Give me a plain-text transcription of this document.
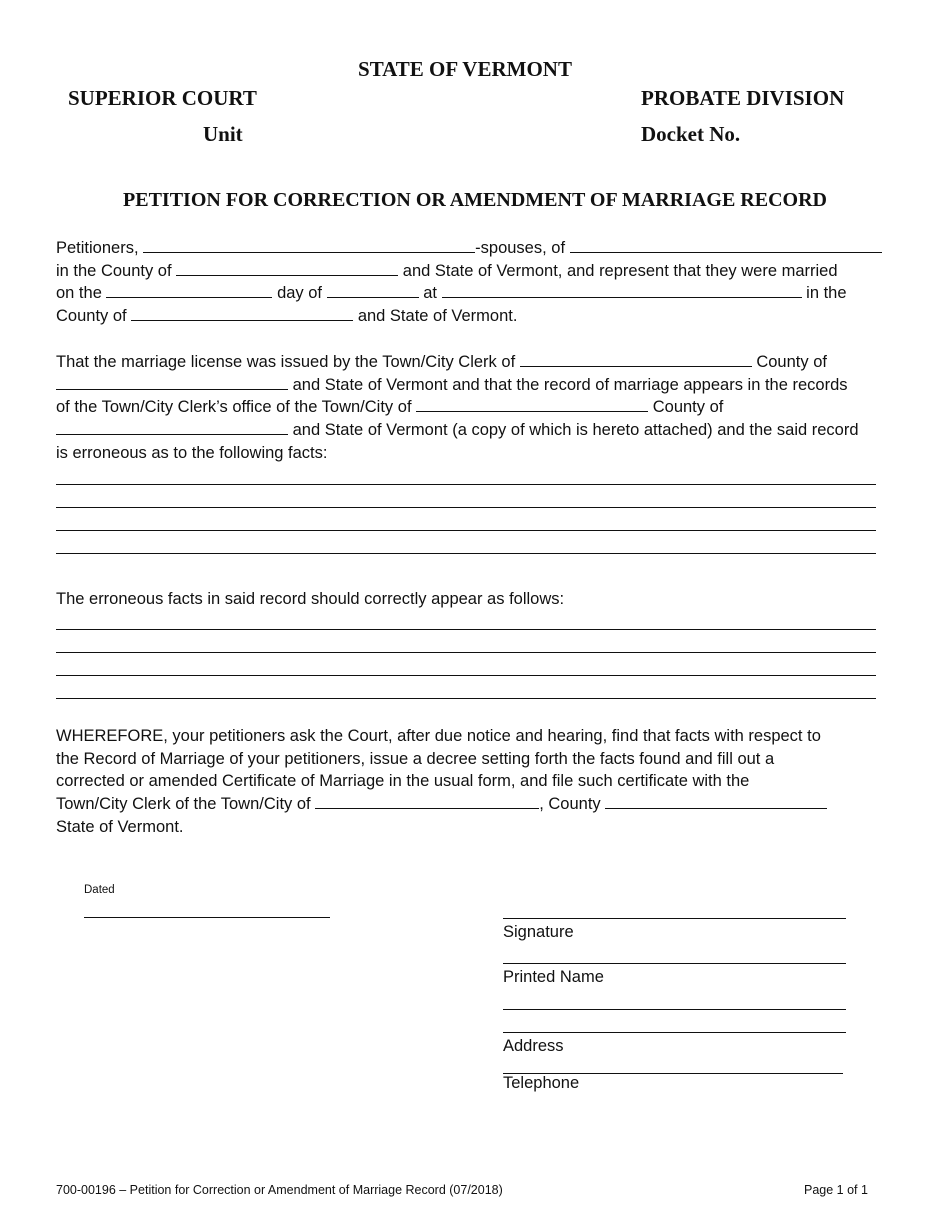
STATE OF VERMONT
SUPERIOR COURT	PROBATE DIVISION
Unit	Docket No.
PETITION FOR CORRECTION OR AMENDMENT OF MARRIAGE RECORD
Petitioners,	-spouses, of
in the County of	and State of Vermont, and represent that they were married
on the	day of	at	in the
County of	and State of Vermont.
That the marriage license was issued by the Town/City Clerk of	County of
and State of Vermont and that the record of marriage appears in the records
of the Town/City Clerk’s office of the Town/City of	County of
and State of Vermont (a copy of which is hereto attached) and the said record
is erroneous as to the following facts:
The erroneous facts in said record should correctly appear as follows:
WHEREFORE, your petitioners ask the Court, after due notice and hearing, find that facts with respect to
the Record of Marriage of your petitioners, issue a decree setting forth the facts found and fill out a
corrected or amended Certificate of Marriage in the usual form, and file such certificate with the
Town/City Clerk of the Town/City of	, County
State of Vermont.
Dated
Signature
Printed Name
Address
Telephone
700-00196 – Petition for Correction or Amendment of Marriage Record (07/2018)	Page 1 of 1
